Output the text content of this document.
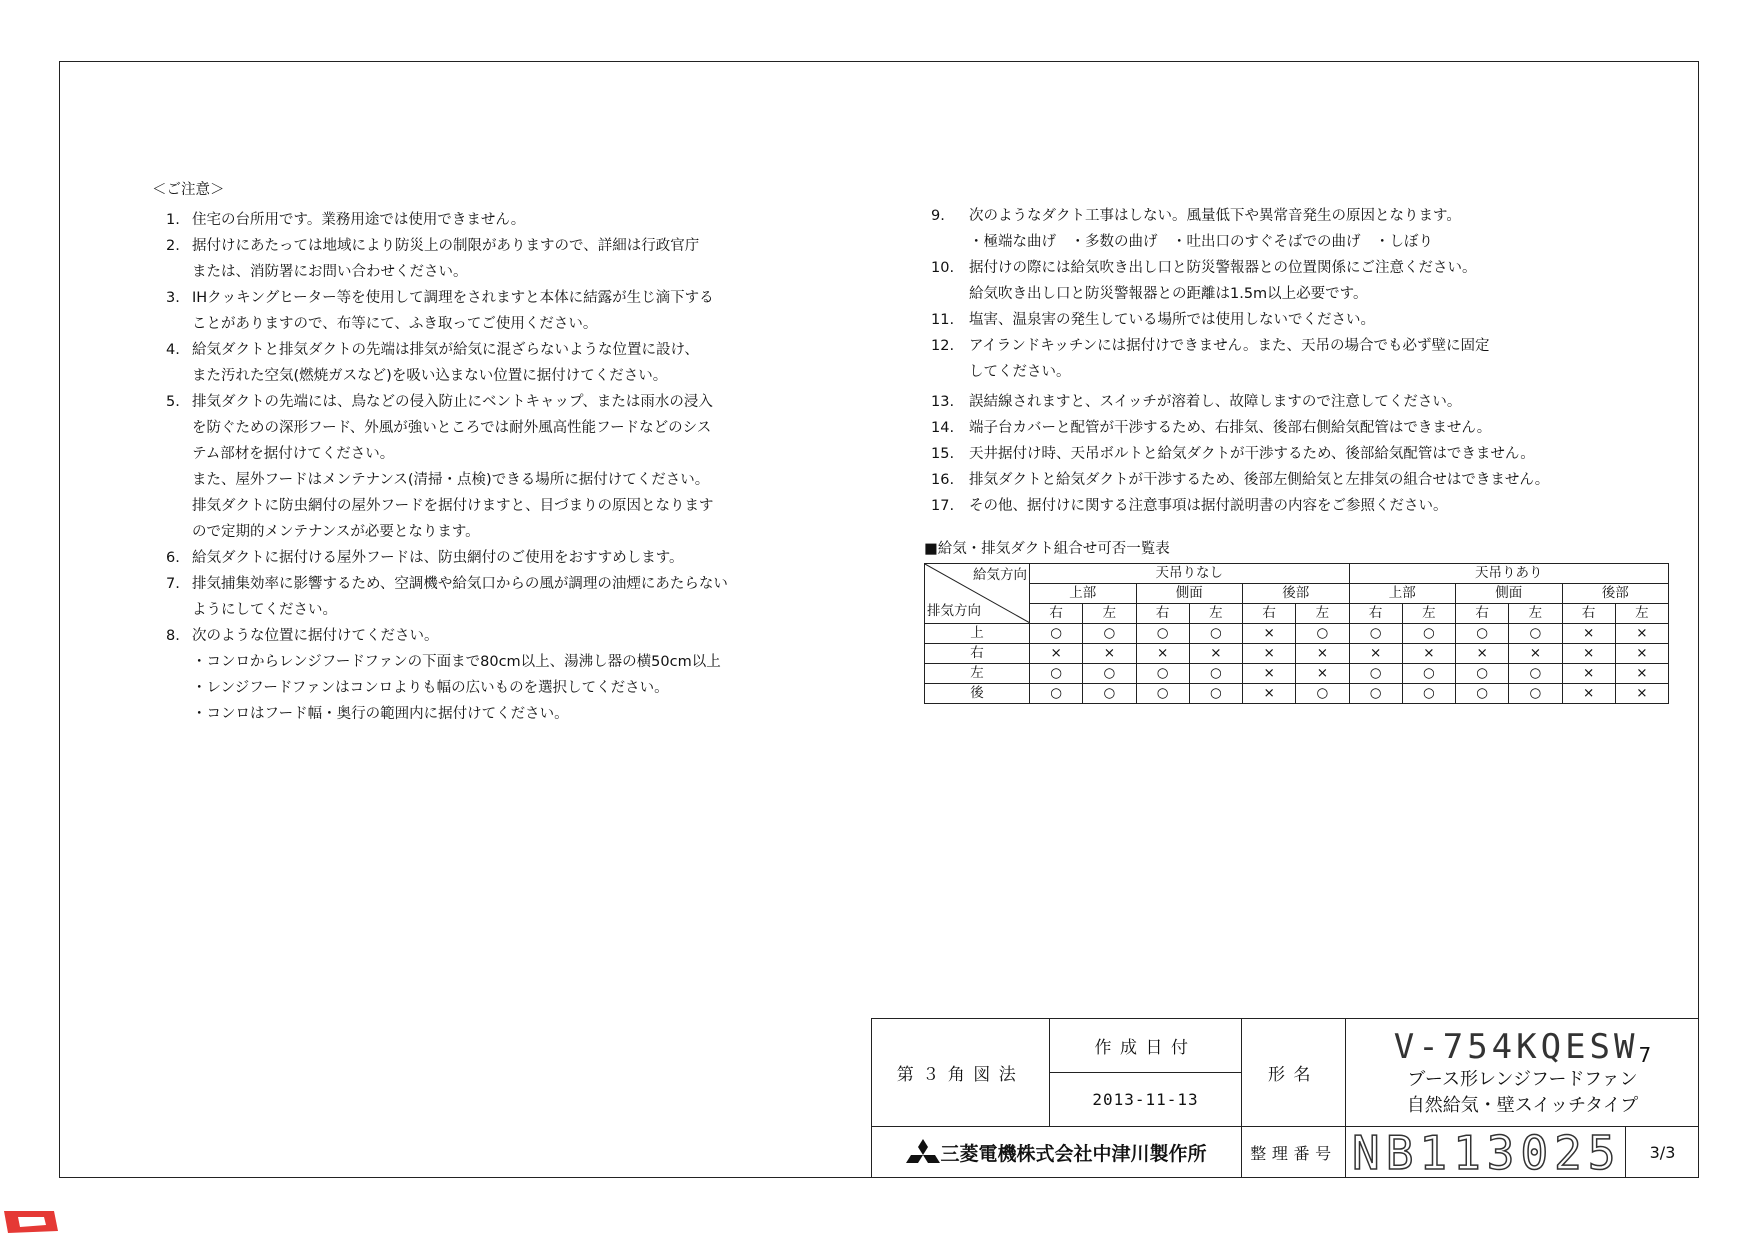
＜ご注意＞
1. 住宅の台所用です。業務用途では使用できません。
2. 据付けにあたっては地域により防災上の制限がありますので、詳細は行政官庁
または、消防署にお問い合わせください。
3. IHクッキングヒーター等を使用して調理をされますと本体に結露が生じ滴下する
ことがありますので、布等にて、ふき取ってご使用ください。
4. 給気ダクトと排気ダクトの先端は排気が給気に混ざらないような位置に設け、
また汚れた空気(燃焼ガスなど)を吸い込まない位置に据付けてください。
5. 排気ダクトの先端には、鳥などの侵入防止にベントキャップ、または雨水の浸入
を防ぐための深形フード、外風が強いところでは耐外風高性能フードなどのシス
テム部材を据付けてください。
また、屋外フードはメンテナンス(清掃・点検)できる場所に据付けてください。
排気ダクトに防虫網付の屋外フードを据付けますと、目づまりの原因となります
ので定期的メンテナンスが必要となります。
6. 給気ダクトに据付ける屋外フードは、防虫網付のご使用をおすすめします。
7. 排気捕集効率に影響するため、空調機や給気口からの風が調理の油煙にあたらない
ようにしてください。
8. 次のような位置に据付けてください。
・コンロからレンジフードファンの下面まで80cm以上、湯沸し器の横50cm以上
・レンジフードファンはコンロよりも幅の広いものを選択してください。
・コンロはフード幅・奥行の範囲内に据付けてください。
9.	次のようなダクト工事はしない。風量低下や異常音発生の原因となります。
・極端な曲げ　・多数の曲げ　・吐出口のすぐそばでの曲げ　・しぼり
10.	据付けの際には給気吹き出し口と防災警報器との位置関係にご注意ください。
給気吹き出し口と防災警報器との距離は1.5m以上必要です。
11.	塩害、温泉害の発生している場所では使用しないでください。
12.	アイランドキッチンには据付けできません。また、天吊の場合でも必ず壁に固定
してください。
13.	誤結線されますと、スイッチが溶着し、故障しますので注意してください。
14.	端子台カバーと配管が干渉するため、右排気、後部右側給気配管はできません。
15.	天井据付け時、天吊ボルトと給気ダクトが干渉するため、後部給気配管はできません。
16.	排気ダクトと給気ダクトが干渉するため、後部左側給気と左排気の組合せはできません。
17.	その他、据付けに関する注意事項は据付説明書の内容をご参照ください。
■給気・排気ダクト組合せ可否一覧表
給気方向
排気方向	天吊りなし						天吊りあり					
	上部		側面		後部		上部		側面		後部	
	右	左	右	左	右	左	右	左	右	左	右	左
上	○	○	○	○	×	○	○	○	○	○	×	×
右	×	×	×	×	×	×	×	×	×	×	×	×
左	○	○	○	○	×	×	○	○	○	○	×	×
後	○	○	○	○	×	○	○	○	○	○	×	×
第３角図法
作成日付
2013-11-13
形名
V-754KQESW7
ブース形レンジフードファン
自然給気・壁スイッチタイプ
三菱電機株式会社中津川製作所	整理番号 NB113025 3/3
